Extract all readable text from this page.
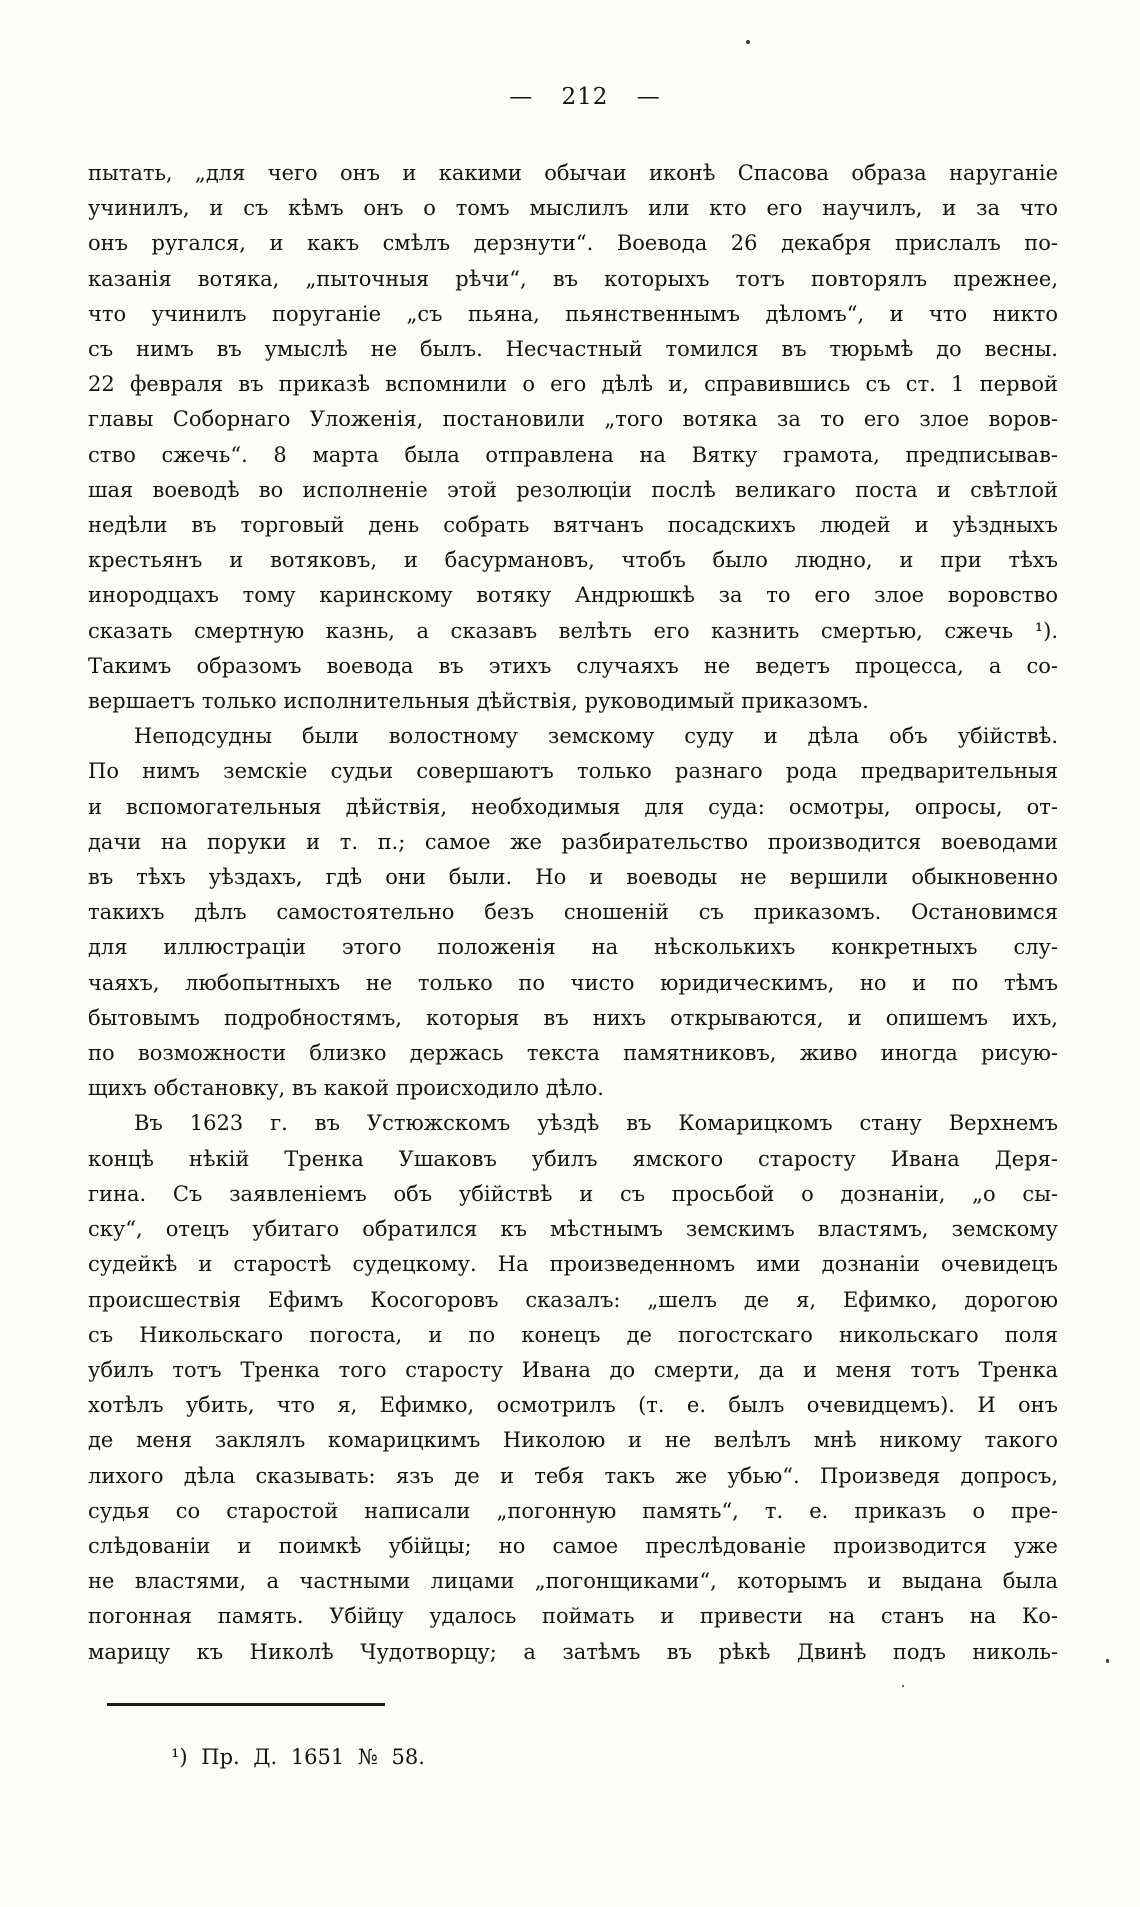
— 212 —
пытать, „для чего онъ и какими обычаи иконѣ Спасова образа наруганіе
учинилъ, и съ кѣмъ онъ о томъ мыслилъ или кто его научилъ, и за что
онъ ругался, и какъ смѣлъ дерзнути“. Воевода 26 декабря прислалъ по-
казанія вотяка, „пыточныя рѣчи“, въ которыхъ тотъ повторялъ прежнее,
что учинилъ поруганіе „съ пьяна, пьянственнымъ дѣломъ“, и что никто
съ нимъ въ умыслѣ не былъ. Несчастный томился въ тюрьмѣ до весны.
22 февраля въ приказѣ вспомнили о его дѣлѣ и, справившись съ ст. 1 первой
главы Соборнаго Уложенія, постановили „того вотяка за то его злое воров-
ство сжечь“. 8 марта была отправлена на Вятку грамота, предписывав-
шая воеводѣ во исполненіе этой резолюціи послѣ великаго поста и свѣтлой
недѣли въ торговый день собрать вятчанъ посадскихъ людей и уѣздныхъ
крестьянъ и вотяковъ, и басурмановъ, чтобъ было людно, и при тѣхъ
инородцахъ тому каринскому вотяку Андрюшкѣ за то его злое воровство
сказать смертную казнь, а сказавъ велѣть его казнить смертью, сжечь ¹).
Такимъ образомъ воевода въ этихъ случаяхъ не ведетъ процесса, а со-
вершаетъ только исполнительныя дѣйствія, руководимый приказомъ.
Неподсудны были волостному земскому суду и дѣла объ убійствѣ.
По нимъ земскіе судьи совершаютъ только разнаго рода предварительныя
и вспомогательныя дѣйствія, необходимыя для суда: осмотры, опросы, от-
дачи на поруки и т. п.; самое же разбирательство производится воеводами
въ тѣхъ уѣздахъ, гдѣ они были. Но и воеводы не вершили обыкновенно
такихъ дѣлъ самостоятельно безъ сношеній съ приказомъ. Остановимся
для иллюстраціи этого положенія на нѣсколькихъ конкретныхъ слу-
чаяхъ, любопытныхъ не только по чисто юридическимъ, но и по тѣмъ
бытовымъ подробностямъ, которыя въ нихъ открываются, и опишемъ ихъ,
по возможности близко держась текста памятниковъ, живо иногда рисую-
щихъ обстановку, въ какой происходило дѣло.
Въ 1623 г. въ Устюжскомъ уѣздѣ въ Комарицкомъ стану Верхнемъ
концѣ нѣкій Тренка Ушаковъ убилъ ямского старосту Ивана Деря-
гина. Съ заявленіемъ объ убійствѣ и съ просьбой о дознаніи, „о сы-
ску“, отецъ убитаго обратился къ мѣстнымъ земскимъ властямъ, земскому
судейкѣ и старостѣ судецкому. На произведенномъ ими дознаніи очевидецъ
происшествія Ефимъ Косогоровъ сказалъ: „шелъ де я, Ефимко, дорогою
съ Никольскаго погоста, и по конецъ де погостскаго никольскаго поля
убилъ тотъ Тренка того старосту Ивана до смерти, да и меня тотъ Тренка
хотѣлъ убить, что я, Ефимко, осмотрилъ (т. е. былъ очевидцемъ). И онъ
де меня заклялъ комарицкимъ Николою и не велѣлъ мнѣ никому такого
лихого дѣла сказывать: язъ де и тебя такъ же убью“. Произведя допросъ,
судья со старостой написали „погонную память“, т. е. приказъ о пре-
слѣдованіи и поимкѣ убійцы; но самое преслѣдованіе производится уже
не властями, а частными лицами „погонщиками“, которымъ и выдана была
погонная память. Убійцу удалось поймать и привести на станъ на Ко-
марицу къ Николѣ Чудотворцу; а затѣмъ въ рѣкѣ Двинѣ подъ николь-
¹) Пр. Д. 1651 № 58.
